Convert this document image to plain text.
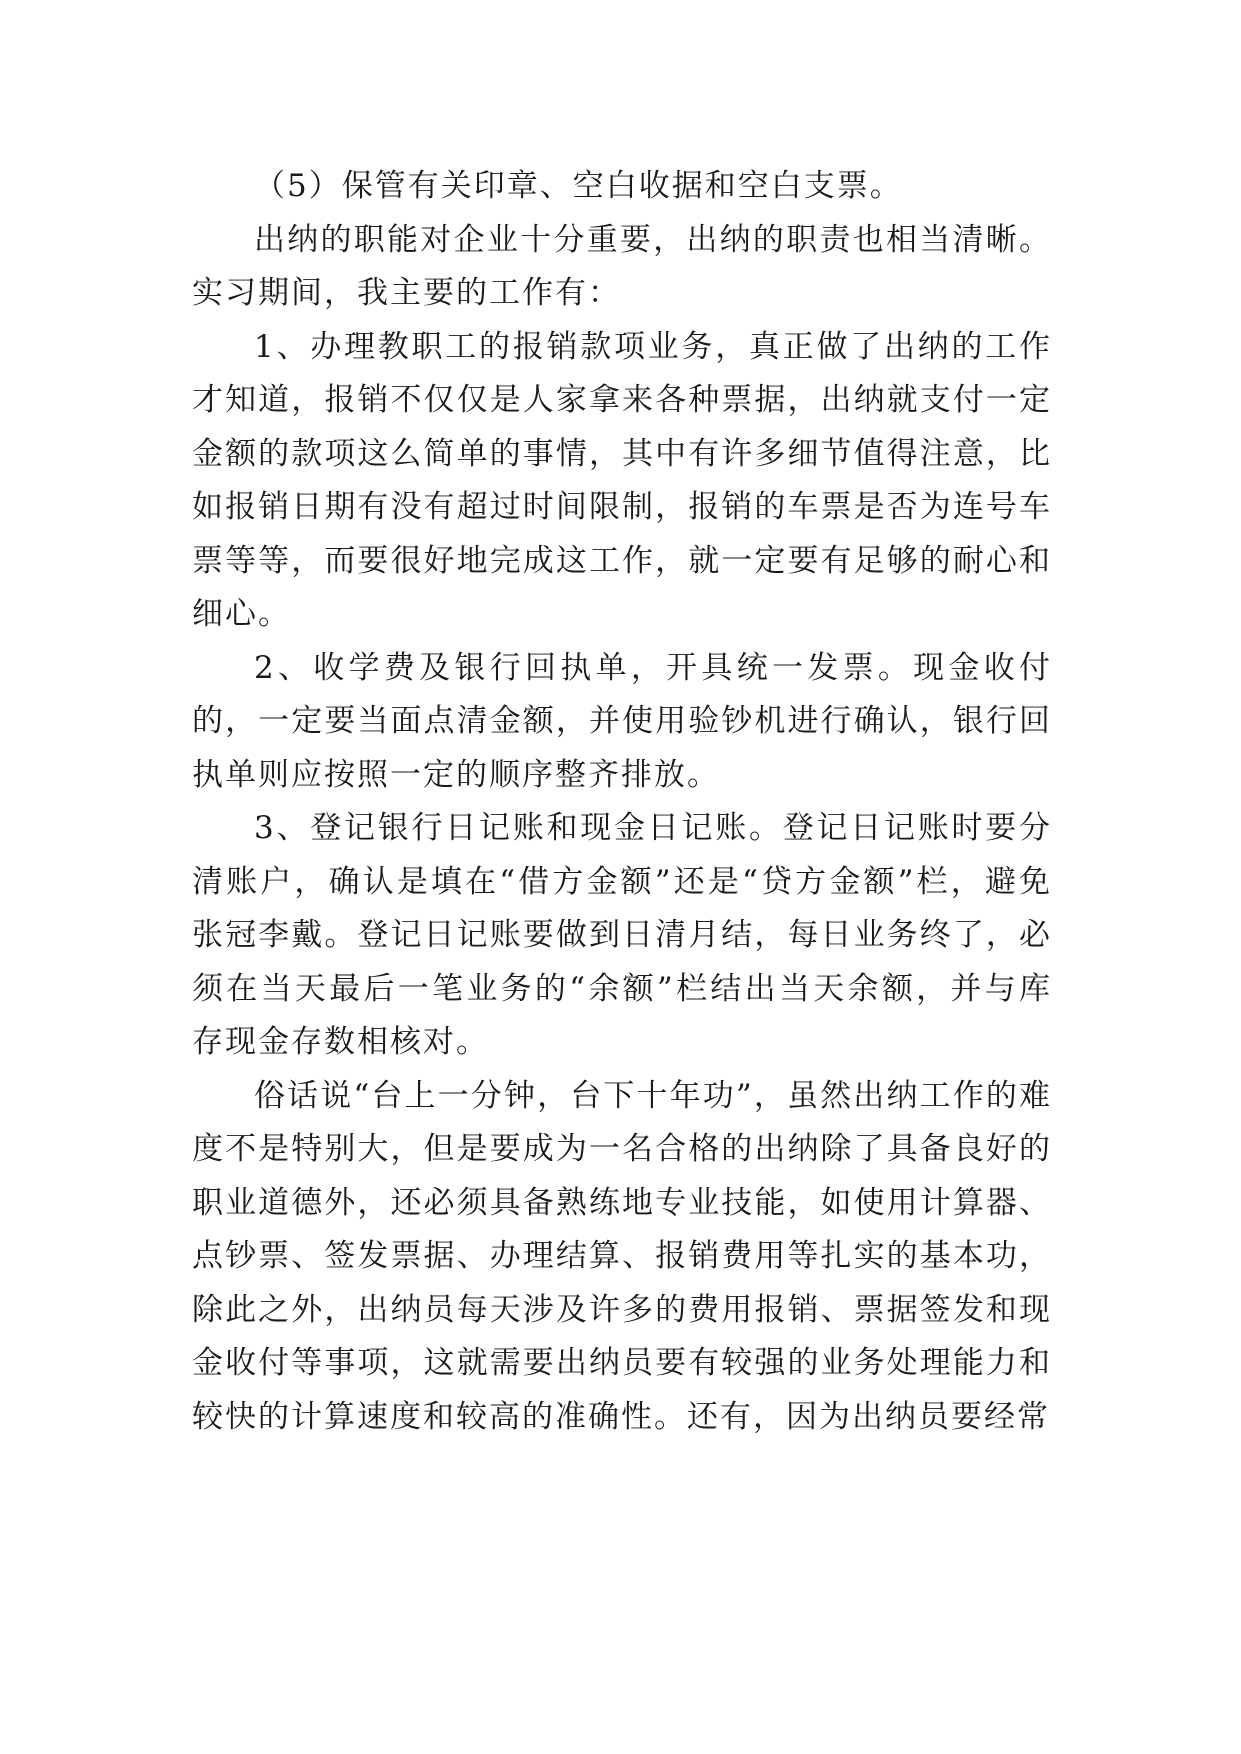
（5）保管有关印章、空白收据和空白支票。

出纳的职能对企业十分重要，出纳的职责也相当清晰。实习期间，我主要的工作有：

1、办理教职工的报销款项业务，真正做了出纳的工作才知道，报销不仅仅是人家拿来各种票据，出纳就支付一定金额的款项这么简单的事情，其中有许多细节值得注意，比如报销日期有没有超过时间限制，报销的车票是否为连号车票等等，而要很好地完成这工作，就一定要有足够的耐心和细心。

2、收学费及银行回执单，开具统一发票。现金收付的，一定要当面点清金额，并使用验钞机进行确认，银行回执单则应按照一定的顺序整齐排放。

3、登记银行日记账和现金日记账。登记日记账时要分清账户，确认是填在“借方金额”还是“贷方金额”栏，避免张冠李戴。登记日记账要做到日清月结，每日业务终了，必须在当天最后一笔业务的“余额”栏结出当天余额，并与库存现金存数相核对。

俗话说“台上一分钟，台下十年功”，虽然出纳工作的难度不是特别大，但是要成为一名合格的出纳除了具备良好的职业道德外，还必须具备熟练地专业技能，如使用计算器、点钞票、签发票据、办理结算、报销费用等扎实的基本功，除此之外，出纳员每天涉及许多的费用报销、票据签发和现金收付等事项，这就需要出纳员要有较强的业务处理能力和较快的计算速度和较高的准确性。还有，因为出纳员要经常
